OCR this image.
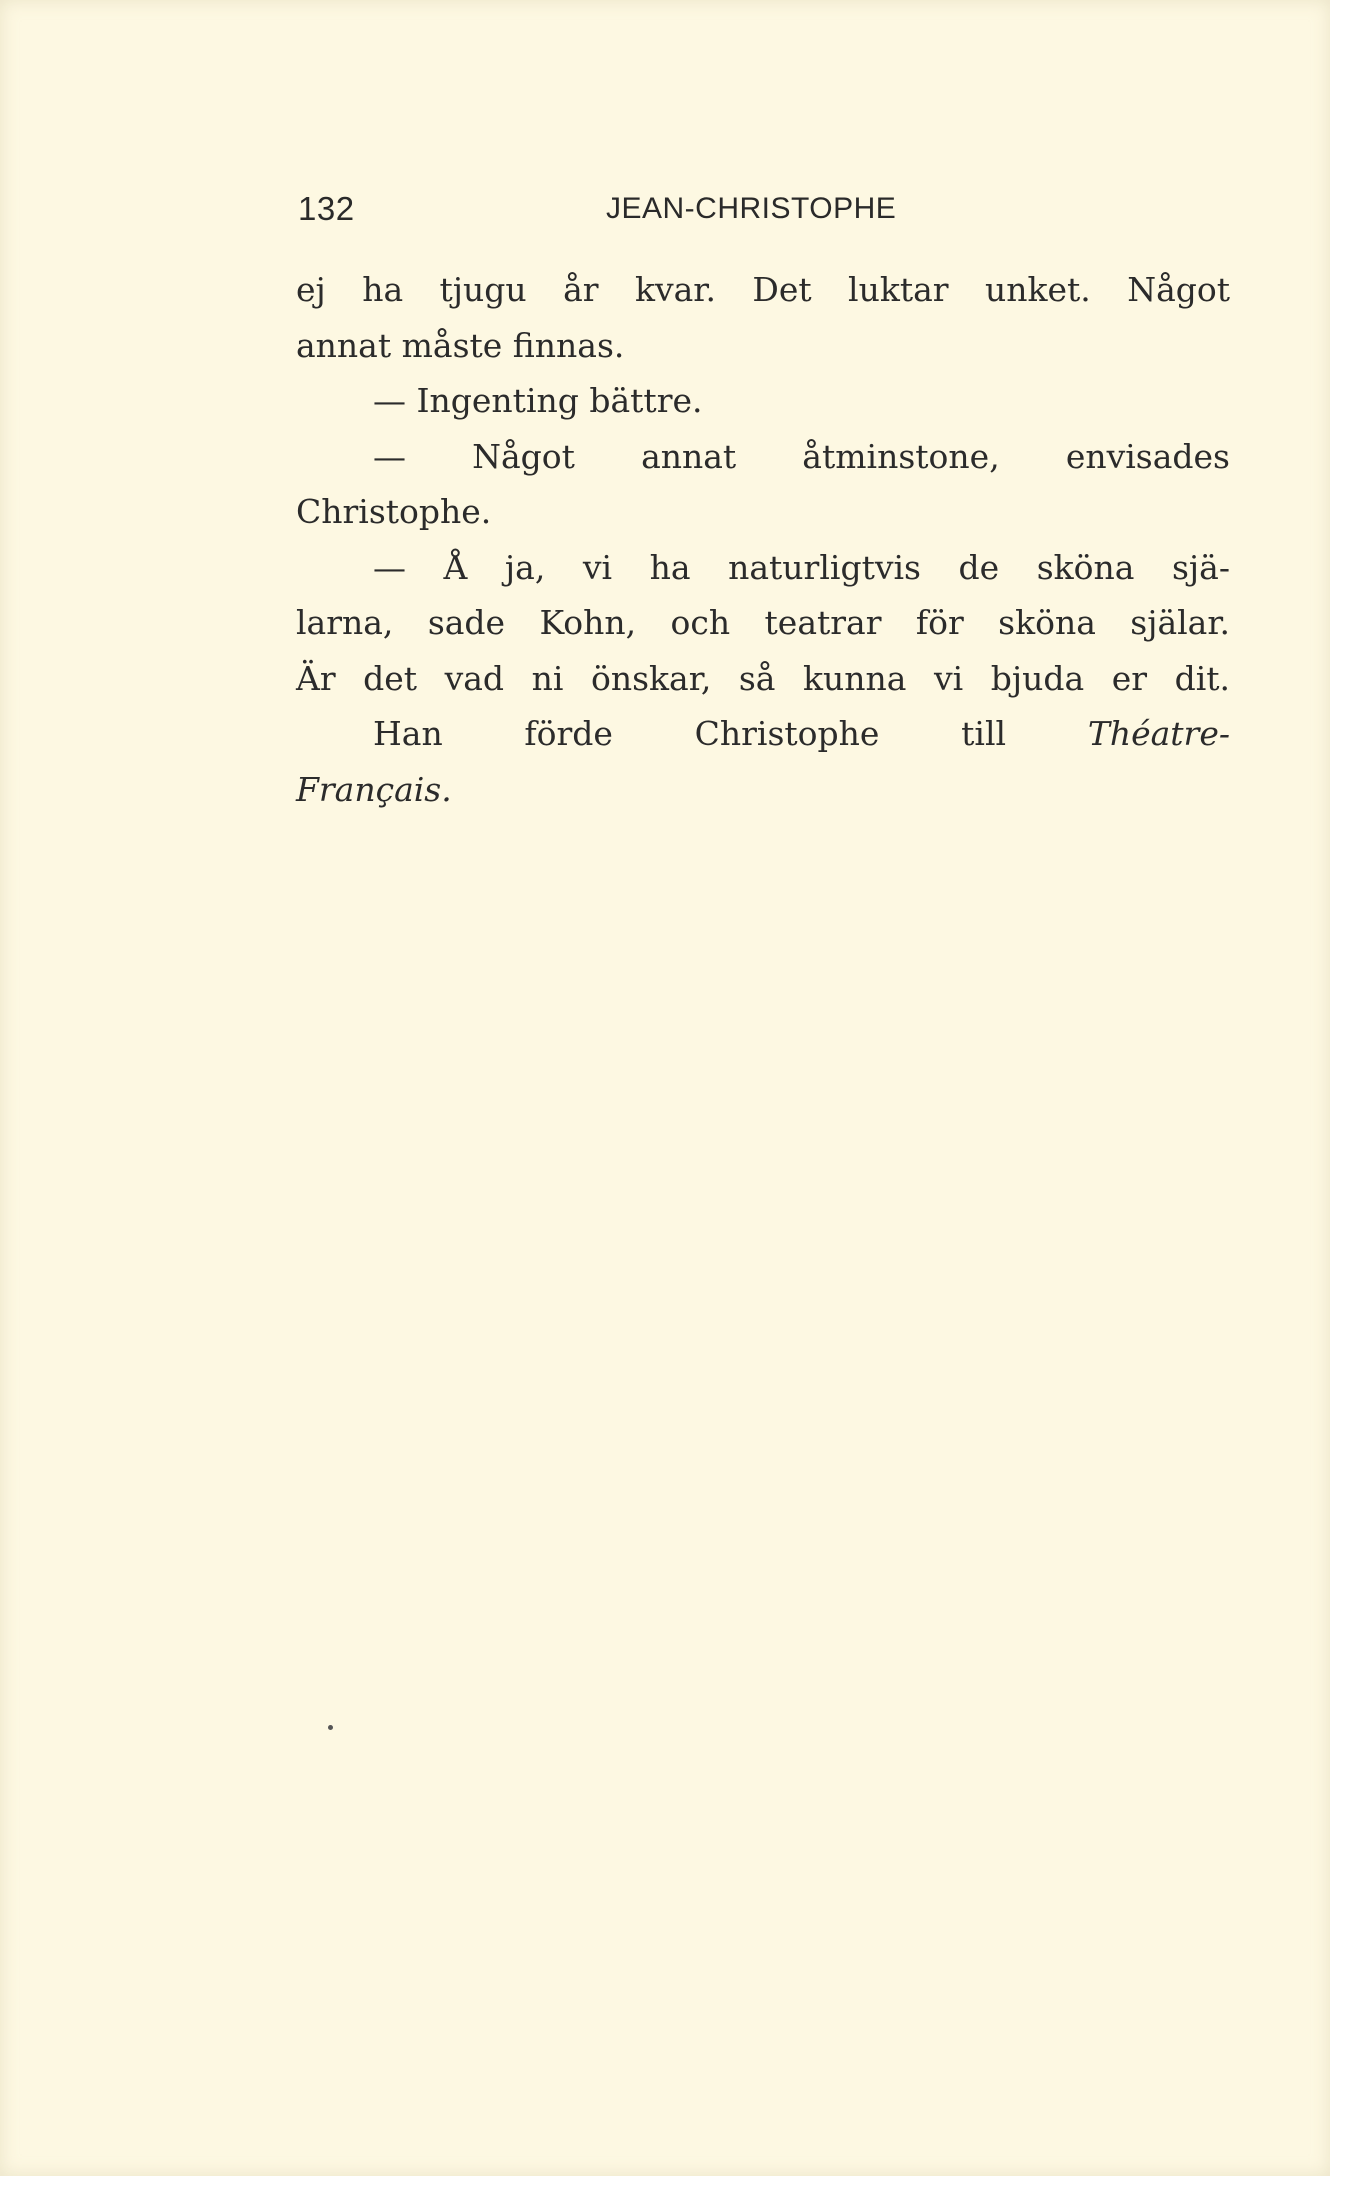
132	JEAN-CHRISTOPHE
ej ha tjugu år kvar. Det luktar unket. Något
annat måste finnas.
— Ingenting bättre.
— Något annat åtminstone, envisades
Christophe.
— Å ja, vi ha naturligtvis de sköna sjä-
larna, sade Kohn, och teatrar för sköna själar.
Är det vad ni önskar, så kunna vi bjuda er dit.
Han förde Christophe till Théatre-
Français.
